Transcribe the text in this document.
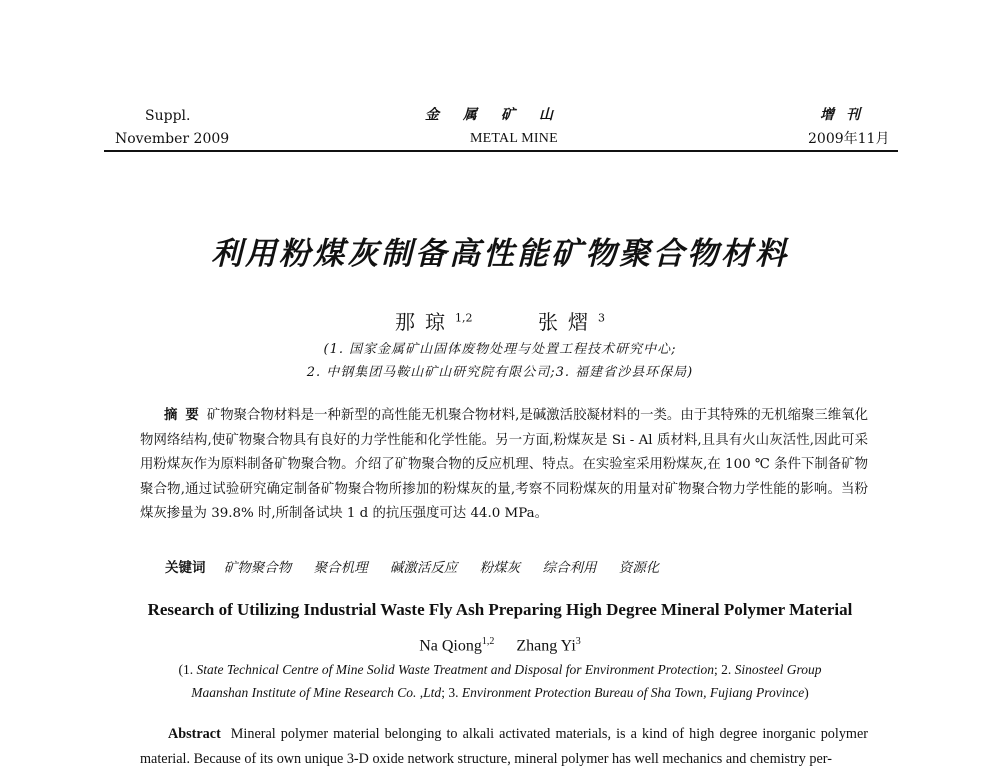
Suppl.
November 2009
金属矿山
METAL MINE
增刊
2009年11月
利用粉煤灰制备高性能矿物聚合物材料
那琼$^{1,2}$	张熠$^3$
(1. 国家金属矿山固体废物处理与处置工程技术研究中心;
2. 中钢集团马鞍山矿山研究院有限公司;3. 福建省沙县环保局)
摘要矿物聚合物材料是一种新型的高性能无机聚合物材料,是碱激活胶凝材料的一类。由于其特殊的无机缩聚三维氧化物网络结构,使矿物聚合物具有良好的力学性能和化学性能。另一方面,粉煤灰是 Si - Al 质材料,且具有火山灰活性,因此可采用粉煤灰作为原料制备矿物聚合物。介绍了矿物聚合物的反应机理、特点。在实验室采用粉煤灰,在 100 ℃ 条件下制备矿物聚合物,通过试验研究确定制备矿物聚合物所掺加的粉煤灰的量,考察不同粉煤灰的用量对矿物聚合物力学性能的影响。当粉煤灰掺量为 39.8% 时,所制备试块 1 d 的抗压强度可达 44.0 MPa。
关键词 矿物聚合物 聚合机理 碱激活反应 粉煤灰 综合利用 资源化
Research of Utilizing Industrial Waste Fly Ash Preparing High Degree Mineral Polymer Material
Na Qiong$^{1,2}$ Zhang Yi$^3$
(1. State Technical Centre of Mine Solid Waste Treatment and Disposal for Environment Protection; 2. Sinosteel Group
Maanshan Institute of Mine Research Co. ,Ltd; 3. Environment Protection Bureau of Sha Town, Fujiang Province)
Abstract Mineral polymer material belonging to alkali activated materials, is a kind of high degree inorganic polymer material. Because of its own unique 3-D oxide network structure, mineral polymer has well mechanics and chemistry per-
